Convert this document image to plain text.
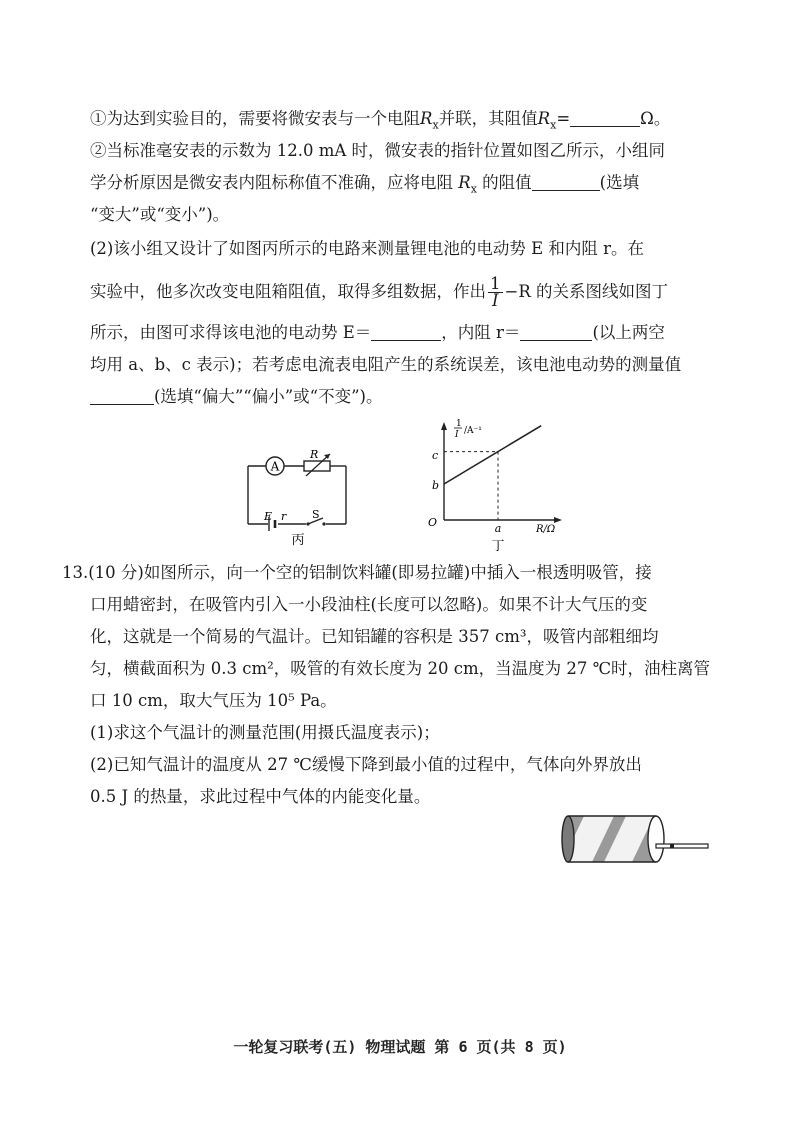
①为达到实验目的，需要将微安表与一个电阻$R_x$并联，其阻值$R_x=$	Ω。
②当标准毫安表的示数为 12.0 mA 时，微安表的指针位置如图乙所示，小组同
学分析原因是微安表内阻标称值不准确，应将电阻 $R_x$ 的阻值	(选填
“变大”或“变小”)。
(2)该小组又设计了如图丙所示的电路来测量锂电池的电动势 E 和内阻 r。在
实验中，他多次改变电阻箱阻值，取得多组数据，作出 $\frac{1}{I} -R$ 的关系图线如图丁
所示，由图可求得该电池的电动势 E＝	，内阻 r＝	(以上两空
均用 a、b、c 表示)；若考虑电流表电阻产生的系统误差，该电池电动势的测量值
(选填“偏大”“偏小”或“不变”)。
A
R
E r S
丙
1
I /A⁻¹
O
c
b
a	R/Ω
丁
13.(10 分)如图所示，向一个空的铝制饮料罐(即易拉罐)中插入一根透明吸管，接
口用蜡密封，在吸管内引入一小段油柱(长度可以忽略)。如果不计大气压的变
化，这就是一个简易的气温计。已知铝罐的容积是 357 cm³，吸管内部粗细均
匀，横截面积为 0.3 cm²，吸管的有效长度为 20 cm，当温度为 27 ℃时，油柱离管
口 10 cm，取大气压为 10⁵ Pa。
(1)求这个气温计的测量范围(用摄氏温度表示)；
(2)已知气温计的温度从 27 ℃缓慢下降到最小值的过程中，气体向外界放出
0.5 J 的热量，求此过程中气体的内能变化量。
一轮复习联考(五) 物理试题 第 6 页(共 8 页)
